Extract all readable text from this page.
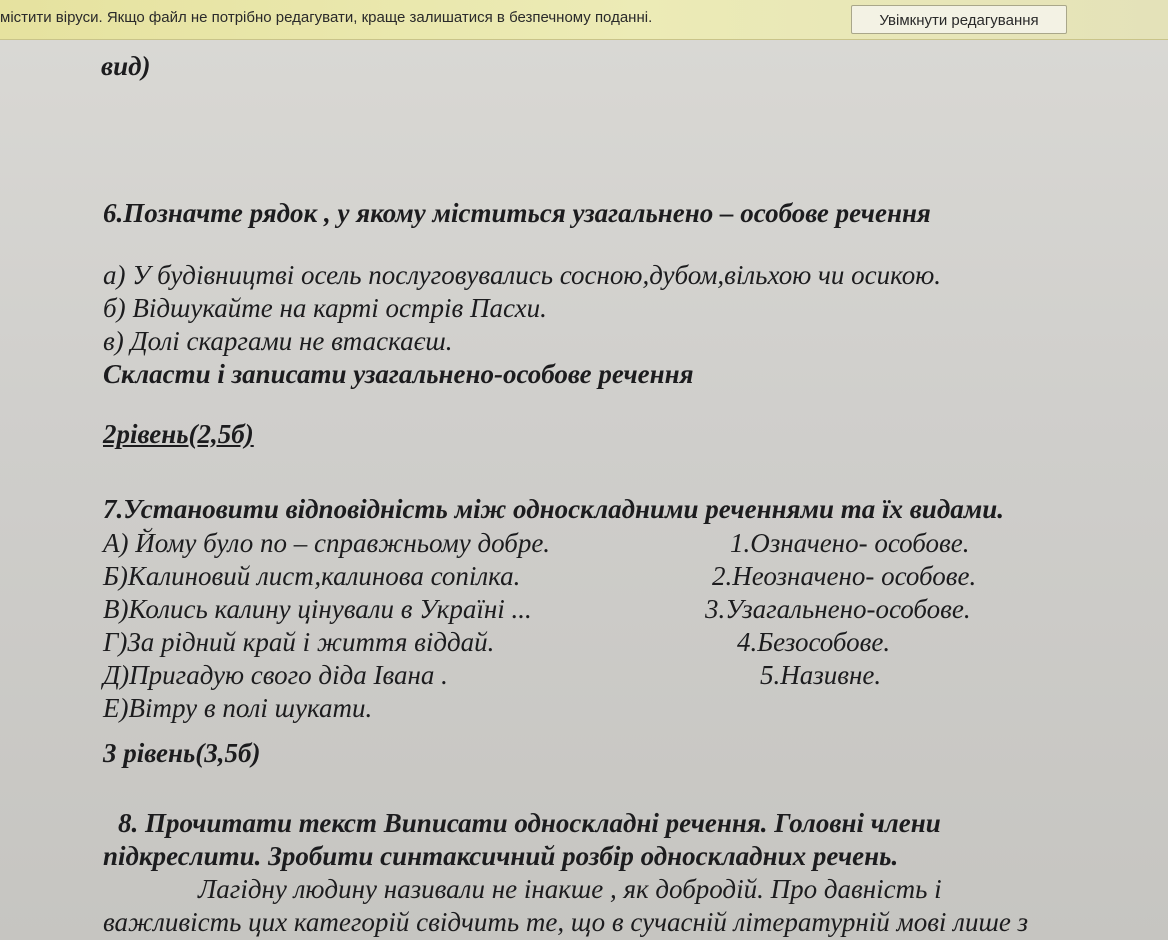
містити віруси. Якщо файл не потрібно редагувати, краще залишатися в безпечному поданні.	Увімкнути редагування
вид)
6.Позначте рядок , у якому міститься узагальнено – особове речення
а) У будівництві осель послуговувались сосною,дубом,вільхою чи осикою.
б) Відшукайте на карті острів Пасхи.
в) Долі скаргами не втаскаєш.
Скласти і записати узагальнено-особове речення
2рівень(2,5б)
7.Установити відповідність між односкладними реченнями та їх видами.
А) Йому було по – справжньому добре.
Б)Калиновий лист,калинова сопілка.
В)Колись калину цінували в Україні ...
Г)За рідний край і життя віддай.
Д)Пригадую свого діда Івана .
Е)Вітру в полі шукати.
1.Означено- особове.
2.Неозначено- особове.
3.Узагальнено-особове.
4.Безособове.
5.Називне.
3 рівень(3,5б)
8. Прочитати текст Виписати односкладні речення. Головні члени
підкреслити. Зробити синтаксичний розбір односкладних речень.
Лагідну людину називали не інакше , як добродій. Про давність і
важливість цих категорій свідчить те, що в сучасній літературній мові лише з
